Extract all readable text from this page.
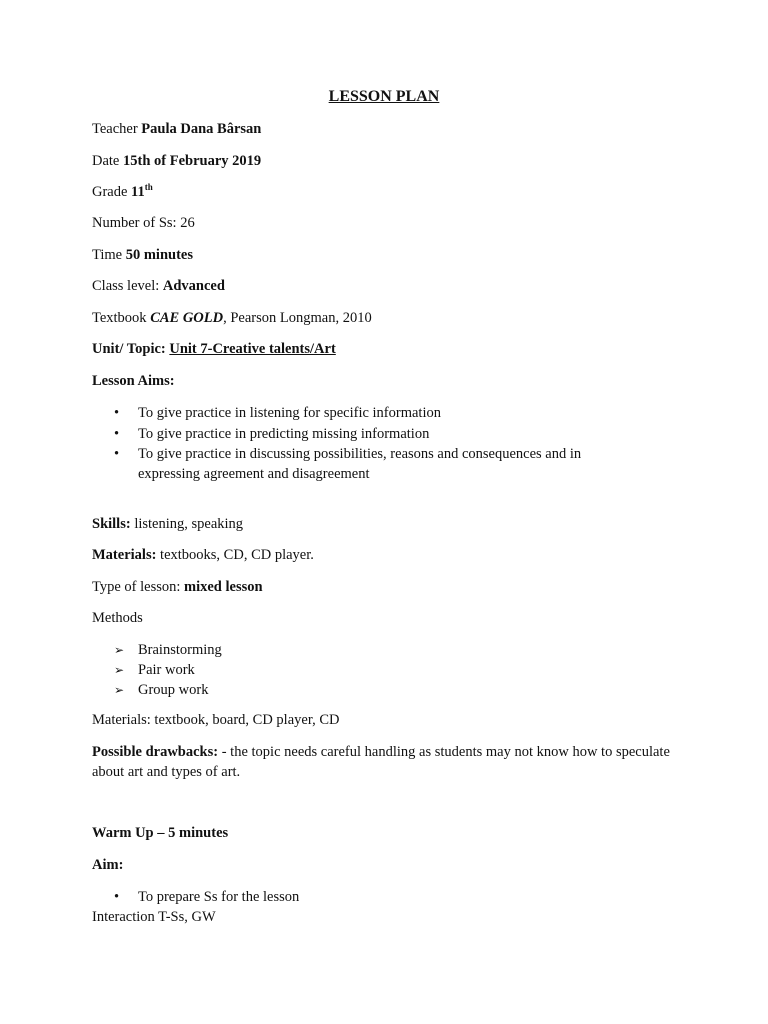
LESSON PLAN
Teacher Paula Dana Bârsan
Date 15th of February 2019
Grade 11th
Number of Ss: 26
Time 50 minutes
Class level: Advanced
Textbook CAE GOLD, Pearson Longman, 2010
Unit/ Topic: Unit 7-Creative talents/Art
Lesson Aims:
• To give practice in listening for specific information
• To give practice in predicting missing information
• To give practice in discussing possibilities, reasons and consequences and in expressing agreement and disagreement
Skills: listening, speaking
Materials: textbooks, CD, CD player.
Type of lesson: mixed lesson
Methods
➢ Brainstorming
➢ Pair work
➢ Group work
Materials: textbook, board, CD player, CD
Possible drawbacks: - the topic needs careful handling as students may not know how to speculate about art and types of art.
Warm Up – 5 minutes
Aim:
• To prepare Ss for the lesson
Interaction T-Ss, GW
